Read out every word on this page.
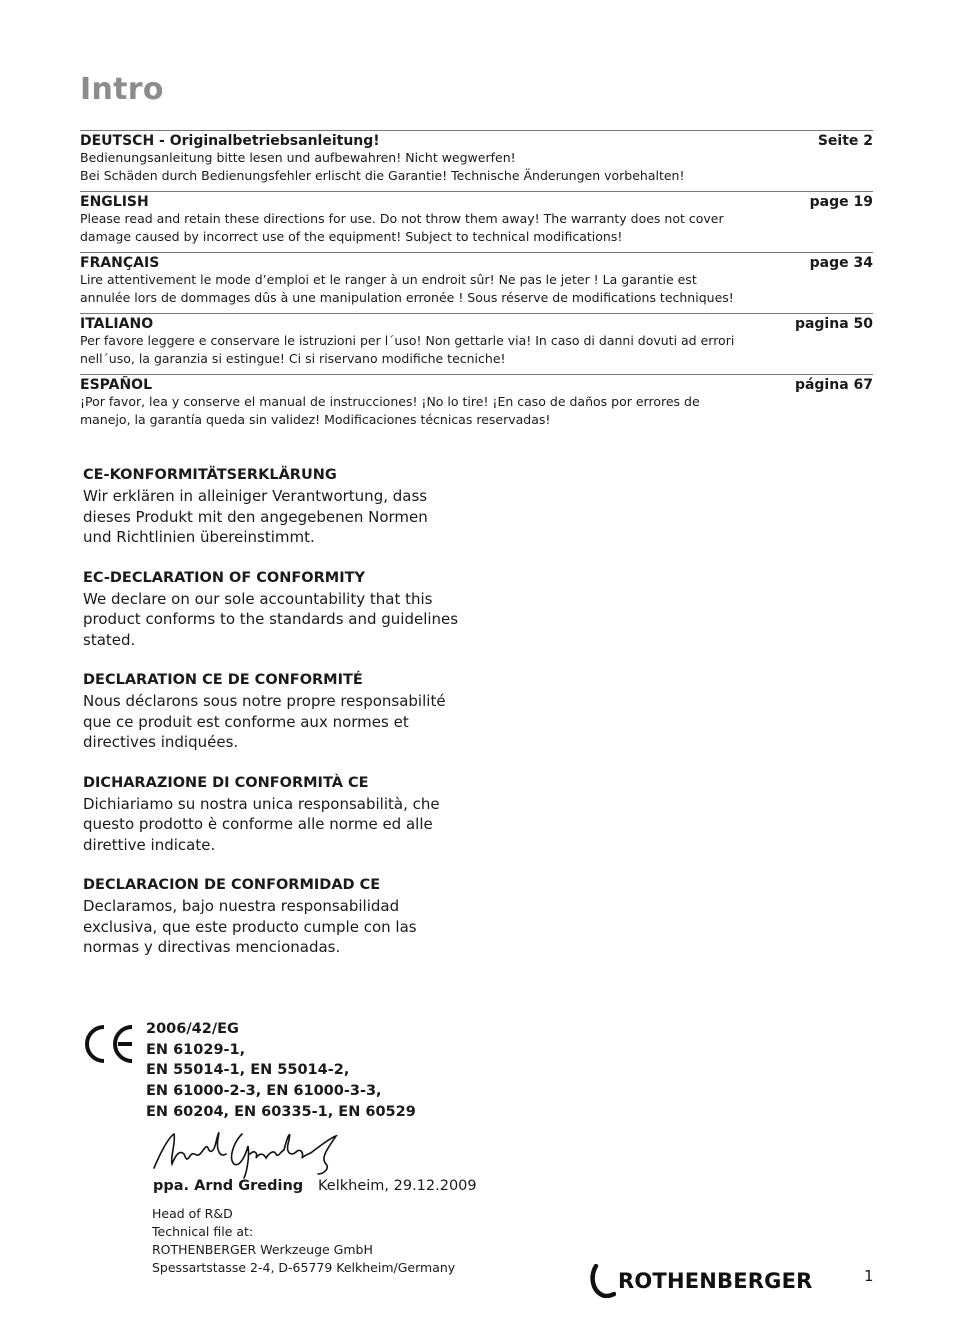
Intro
DEUTSCH - Originalbetriebsanleitung!	Seite 2
Bedienungsanleitung bitte lesen und aufbewahren! Nicht wegwerfen!
Bei Schäden durch Bedienungsfehler erlischt die Garantie! Technische Änderungen vorbehalten!
ENGLISH	page 19
Please read and retain these directions for use. Do not throw them away! The warranty does not cover
damage caused by incorrect use of the equipment! Subject to technical modifications!
FRANÇAIS	page 34
Lire attentivement le mode d’emploi et le ranger à un endroit sûr! Ne pas le jeter ! La garantie est
annulée lors de dommages dûs à une manipulation erronée ! Sous réserve de modifications techniques!
ITALIANO	pagina 50
Per favore leggere e conservare le istruzioni per l´uso! Non gettarle via! In caso di danni dovuti ad errori
nell´uso, la garanzia si estingue! Ci si riservano modifiche tecniche!
ESPAÑOL	página 67
¡Por favor, lea y conserve el manual de instrucciones! ¡No lo tire! ¡En caso de daños por errores de
manejo, la garantía queda sin validez! Modificaciones técnicas reservadas!
CE-KONFORMITÄTSERKLÄRUNG
Wir erklären in alleiniger Verantwortung, dass
dieses Produkt mit den angegebenen Normen
und Richtlinien übereinstimmt.
EC-DECLARATION OF CONFORMITY
We declare on our sole accountability that this
product conforms to the standards and guidelines
stated.
DECLARATION CE DE CONFORMITÉ
Nous déclarons sous notre propre responsabilité
que ce produit est conforme aux normes et
directives indiquées.
DICHARAZIONE DI CONFORMITÀ CE
Dichiariamo su nostra unica responsabilità, che
questo prodotto è conforme alle norme ed alle
direttive indicate.
DECLARACION DE CONFORMIDAD CE
Declaramos, bajo nuestra responsabilidad
exclusiva, que este producto cumple con las
normas y directivas mencionadas.
2006/42/EG
EN 61029-1,
EN 55014-1, EN 55014-2,
EN 61000-2-3, EN 61000-3-3,
EN 60204, EN 60335-1, EN 60529
ppa. Arnd Greding Kelkheim, 29.12.2009
Head of R&D
Technical file at:
ROTHENBERGER Werkzeuge GmbH
Spessartstasse 2-4, D-65779 Kelkheim/Germany
ROTHENBERGER	1
